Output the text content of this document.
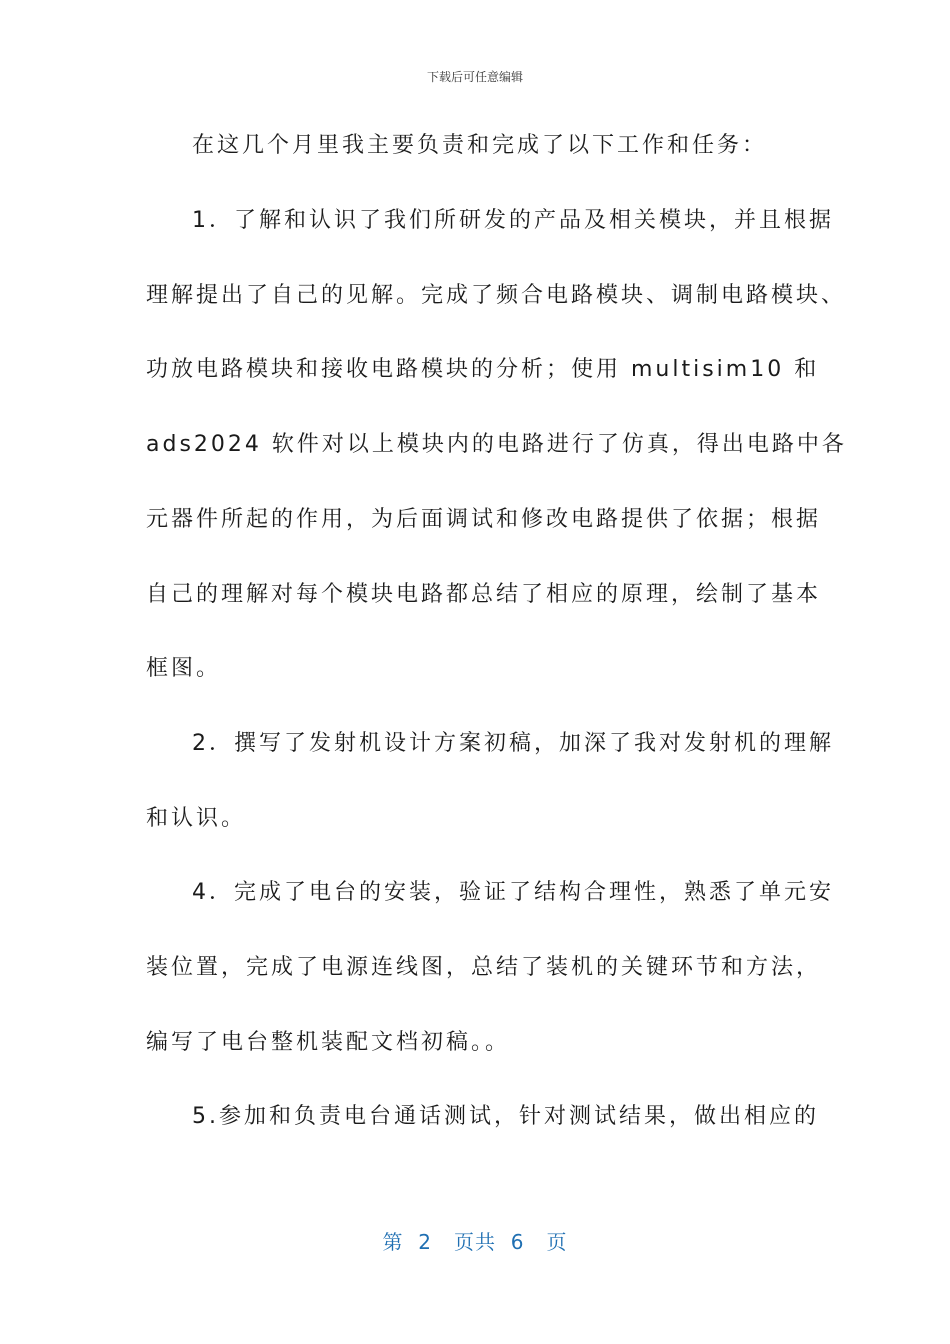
下载后可任意编辑
在这几个月里我主要负责和完成了以下工作和任务：
1．了解和认识了我们所研发的产品及相关模块，并且根据
理解提出了自己的见解。完成了频合电路模块、调制电路模块、
功放电路模块和接收电路模块的分析；使用 multisim10 和
ads2024 软件对以上模块内的电路进行了仿真，得出电路中各
元器件所起的作用，为后面调试和修改电路提供了依据；根据
自己的理解对每个模块电路都总结了相应的原理，绘制了基本
框图。
2．撰写了发射机设计方案初稿，加深了我对发射机的理解
和认识。
4．完成了电台的安装，验证了结构合理性，熟悉了单元安
装位置，完成了电源连线图，总结了装机的关键环节和方法，
编写了电台整机装配文档初稿。。
5.参加和负责电台通话测试，针对测试结果，做出相应的
第  2   页共  6   页
